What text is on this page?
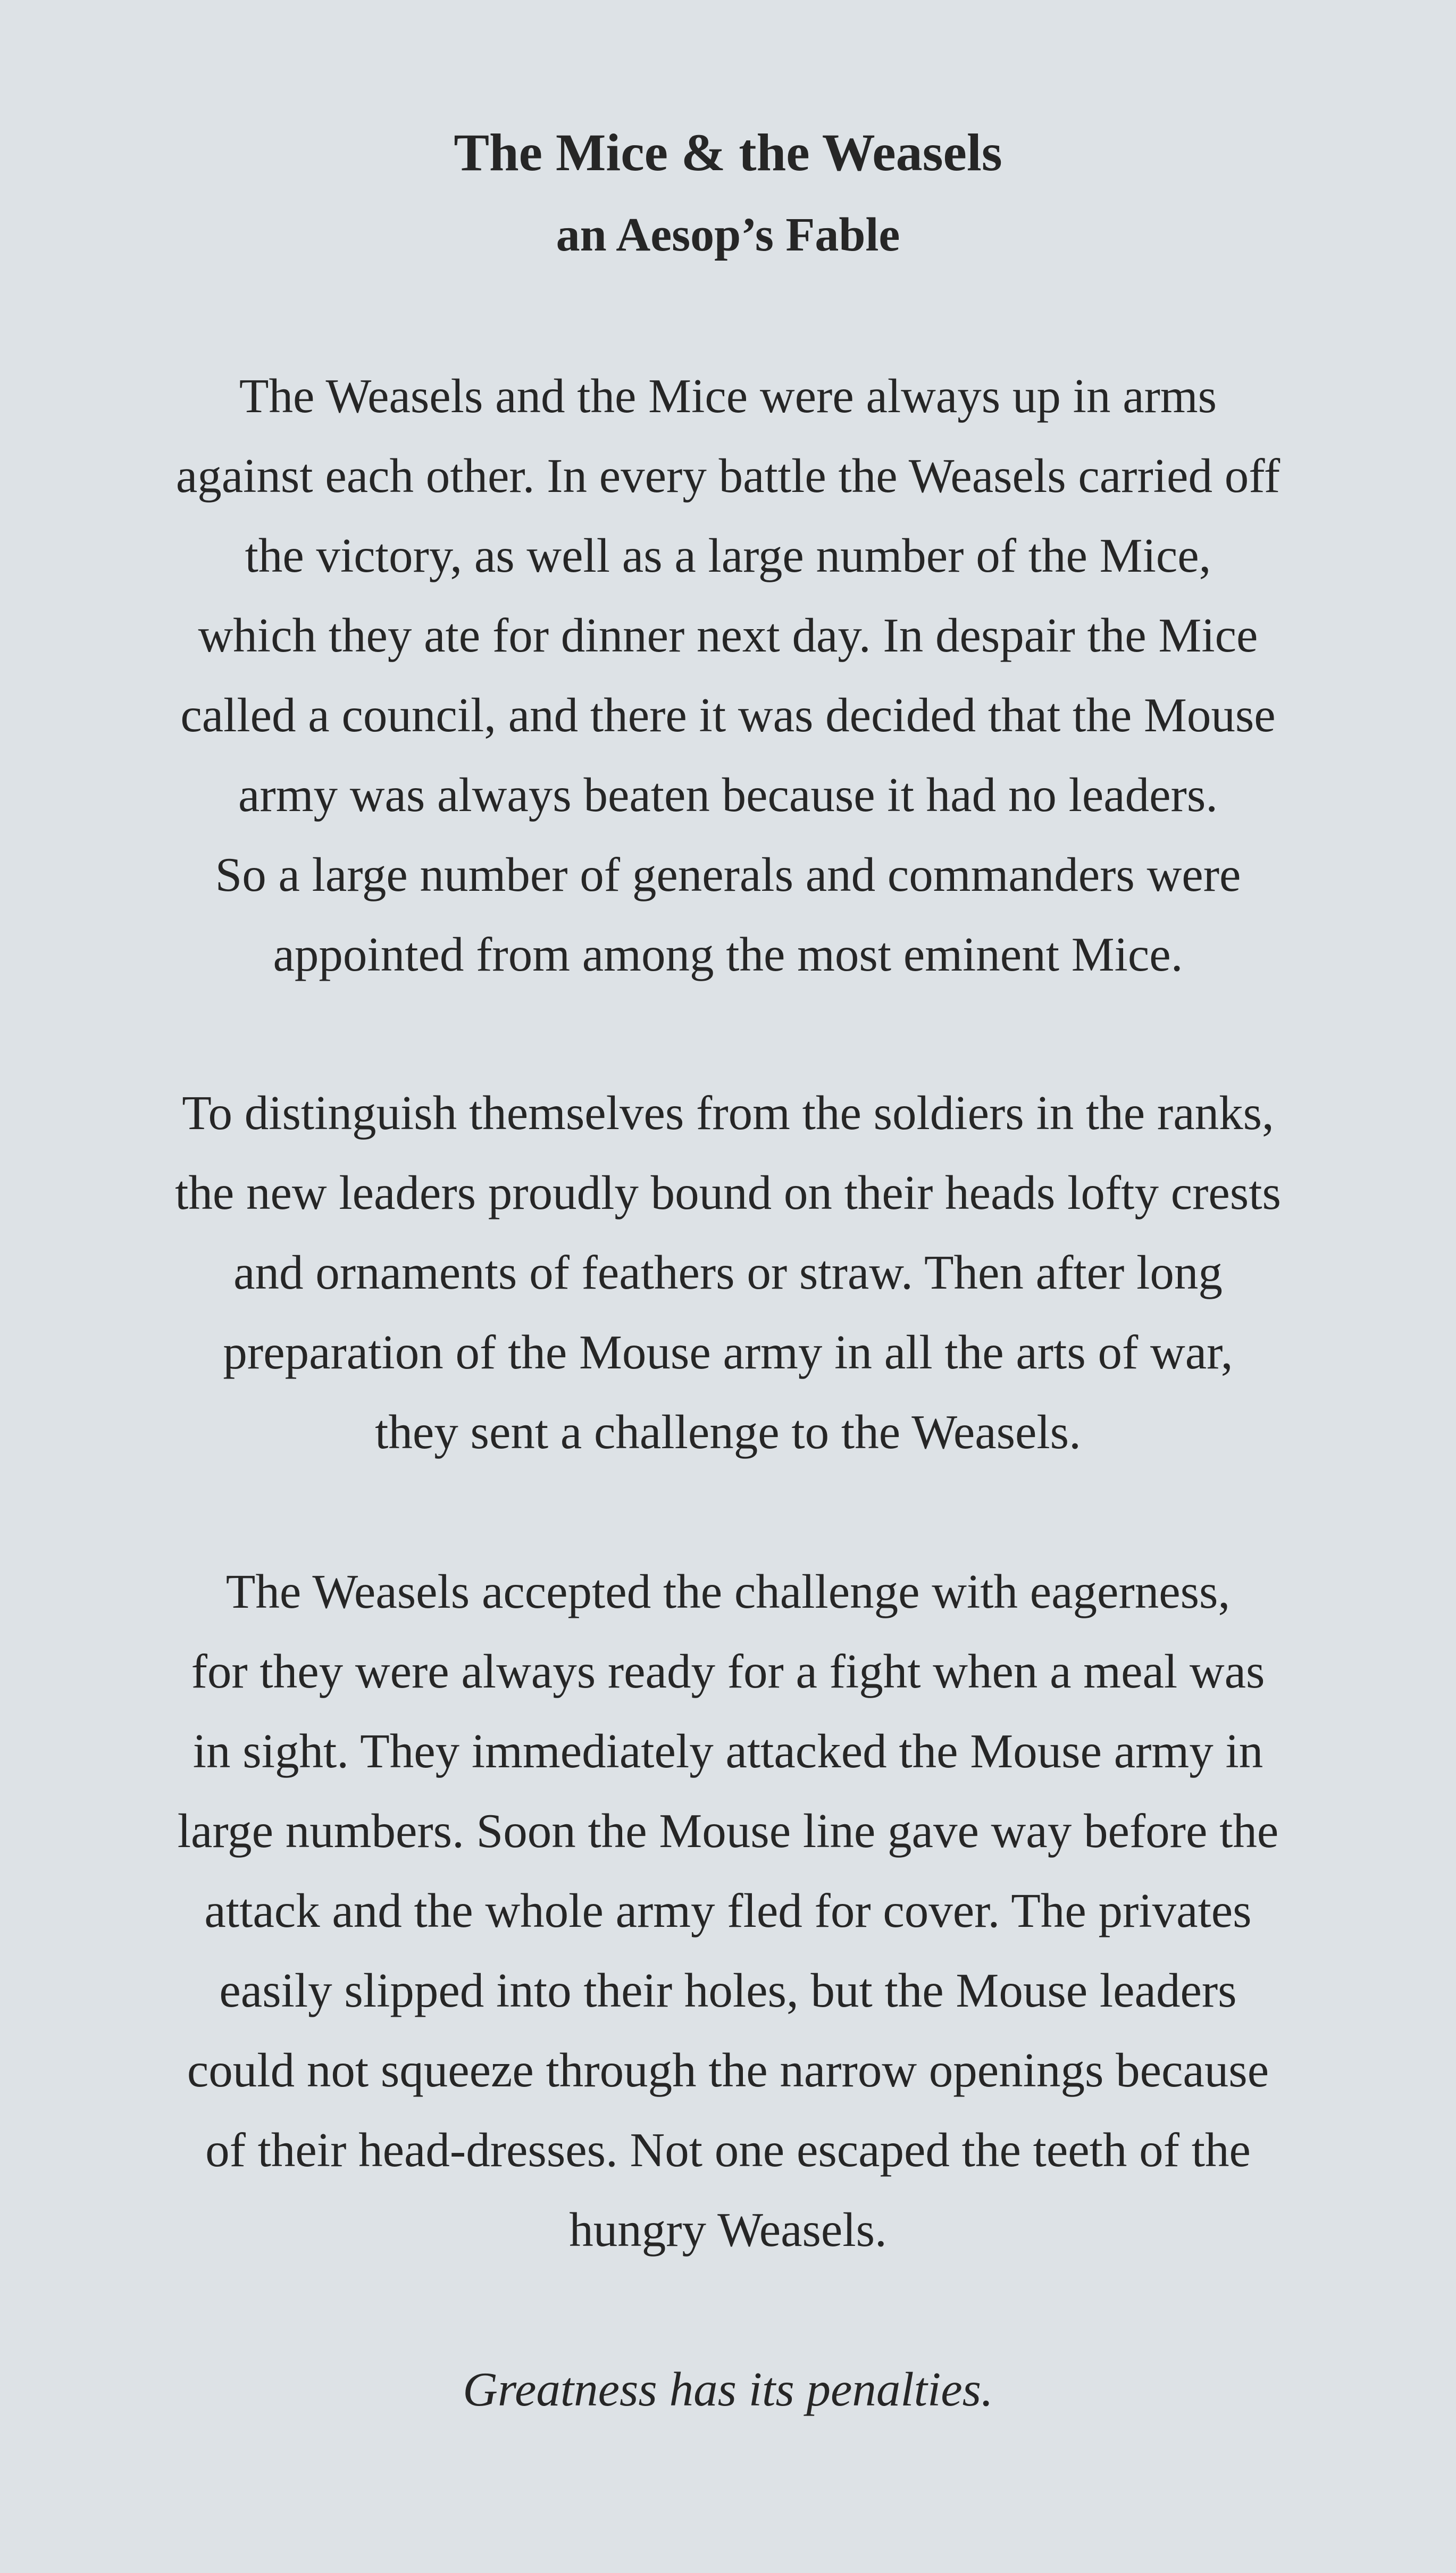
The Mice & the Weasels
an Aesop’s Fable

The Weasels and the Mice were always up in arms

against each other. In every battle the Weasels carried off

the victory, as well as a large number of the Mice,

which they ate for dinner next day. In despair the Mice

called a council, and there it was decided that the Mouse

army was always beaten because it had no leaders.

So a large number of generals and commanders were

appointed from among the most eminent Mice.

To distinguish themselves from the soldiers in the ranks,

the new leaders proudly bound on their heads lofty crests

and ornaments of feathers or straw. Then after long

preparation of the Mouse army in all the arts of war,

they sent a challenge to the Weasels.

The Weasels accepted the challenge with eagerness,

for they were always ready for a fight when a meal was

in sight. They immediately attacked the Mouse army in

large numbers. Soon the Mouse line gave way before the

attack and the whole army fled for cover. The privates

easily slipped into their holes, but the Mouse leaders

could not squeeze through the narrow openings because

of their head-dresses. Not one escaped the teeth of the

hungry Weasels.

Greatness has its penalties.
